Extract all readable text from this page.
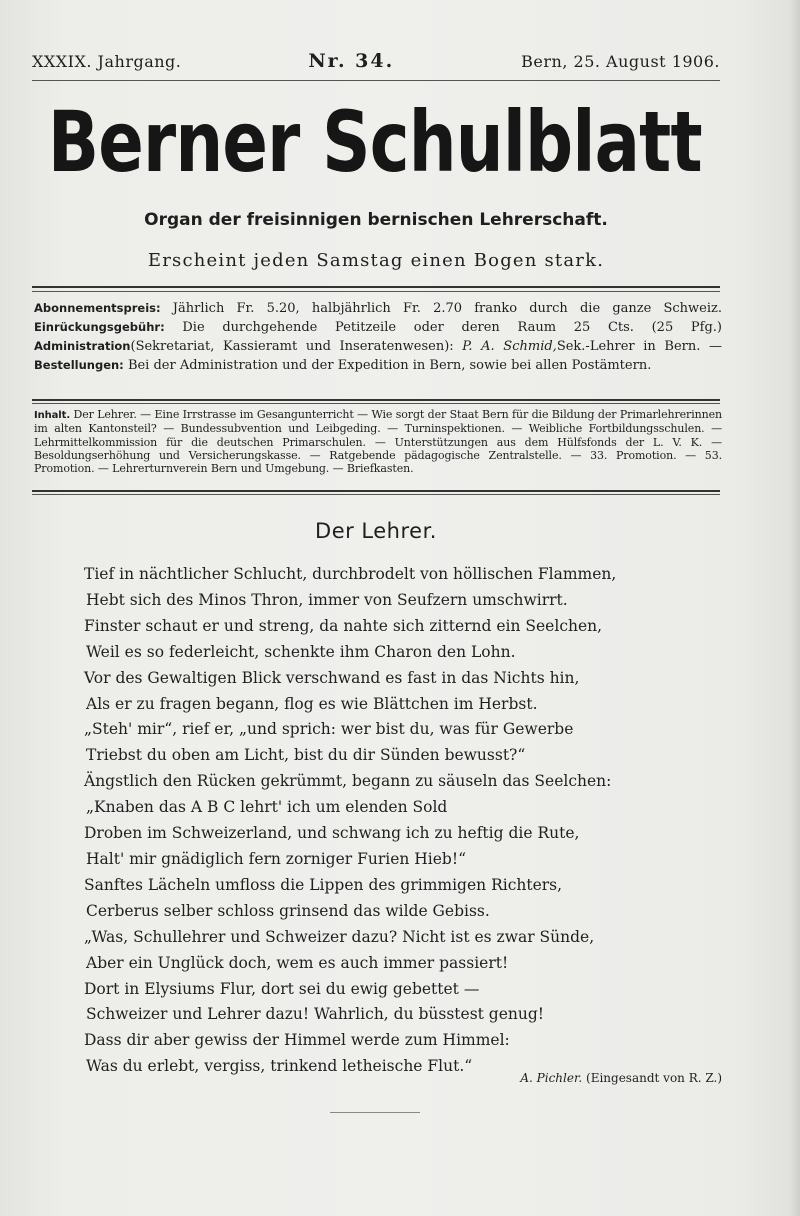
XXXIX. Jahrgang.	Nr. 34.	Bern, 25. August 1906.
Berner Schulblatt
Organ der freisinnigen bernischen Lehrerschaft.
Erscheint jeden Samstag einen Bogen stark.
Abonnementspreis: Jährlich Fr. 5.20, halbjährlich Fr. 2.70 franko durch die ganze Schweiz. Einrückungsgebühr: Die durchgehende Petitzeile oder deren Raum 25 Cts. (25 Pfg.) Administration(Sekretariat, Kassieramt und Inseratenwesen): P. A. Schmid,Sek.-Lehrer in Bern. — Bestellungen: Bei der Administration und der Expedition in Bern, sowie bei allen Postämtern.
Inhalt. Der Lehrer. — Eine Irrstrasse im Gesangunterricht — Wie sorgt der Staat Bern für die Bildung der Primarlehrerinnen im alten Kantonsteil? — Bundessubvention und Leibgeding. — Turninspektionen. — Weibliche Fortbildungsschulen. — Lehrmittelkommission für die deutschen Primarschulen. — Unterstützungen aus dem Hülfsfonds der L. V. K. — Besoldungserhöhung und Versicherungskasse. — Ratgebende pädagogische Zentralstelle. — 33. Promotion. — 53. Promotion. — Lehrerturnverein Bern und Umgebung. — Briefkasten.
Der Lehrer.
Tief in nächtlicher Schlucht, durchbrodelt von höllischen Flammen,
Hebt sich des Minos Thron, immer von Seufzern umschwirrt.
Finster schaut er und streng, da nahte sich zitternd ein Seelchen,
Weil es so federleicht, schenkte ihm Charon den Lohn.
Vor des Gewaltigen Blick verschwand es fast in das Nichts hin,
Als er zu fragen begann, flog es wie Blättchen im Herbst.
„Steh' mir“, rief er, „und sprich: wer bist du, was für Gewerbe
Triebst du oben am Licht, bist du dir Sünden bewusst?“
Ängstlich den Rücken gekrümmt, begann zu säuseln das Seelchen:
„Knaben das A B C lehrt' ich um elenden Sold
Droben im Schweizerland, und schwang ich zu heftig die Rute,
Halt' mir gnädiglich fern zorniger Furien Hieb!“
Sanftes Lächeln umfloss die Lippen des grimmigen Richters,
Cerberus selber schloss grinsend das wilde Gebiss.
„Was, Schullehrer und Schweizer dazu? Nicht ist es zwar Sünde,
Aber ein Unglück doch, wem es auch immer passiert!
Dort in Elysiums Flur, dort sei du ewig gebettet —
Schweizer und Lehrer dazu! Wahrlich, du büsstest genug!
Dass dir aber gewiss der Himmel werde zum Himmel:
Was du erlebt, vergiss, trinkend letheische Flut.“
A. Pichler. (Eingesandt von R. Z.)
